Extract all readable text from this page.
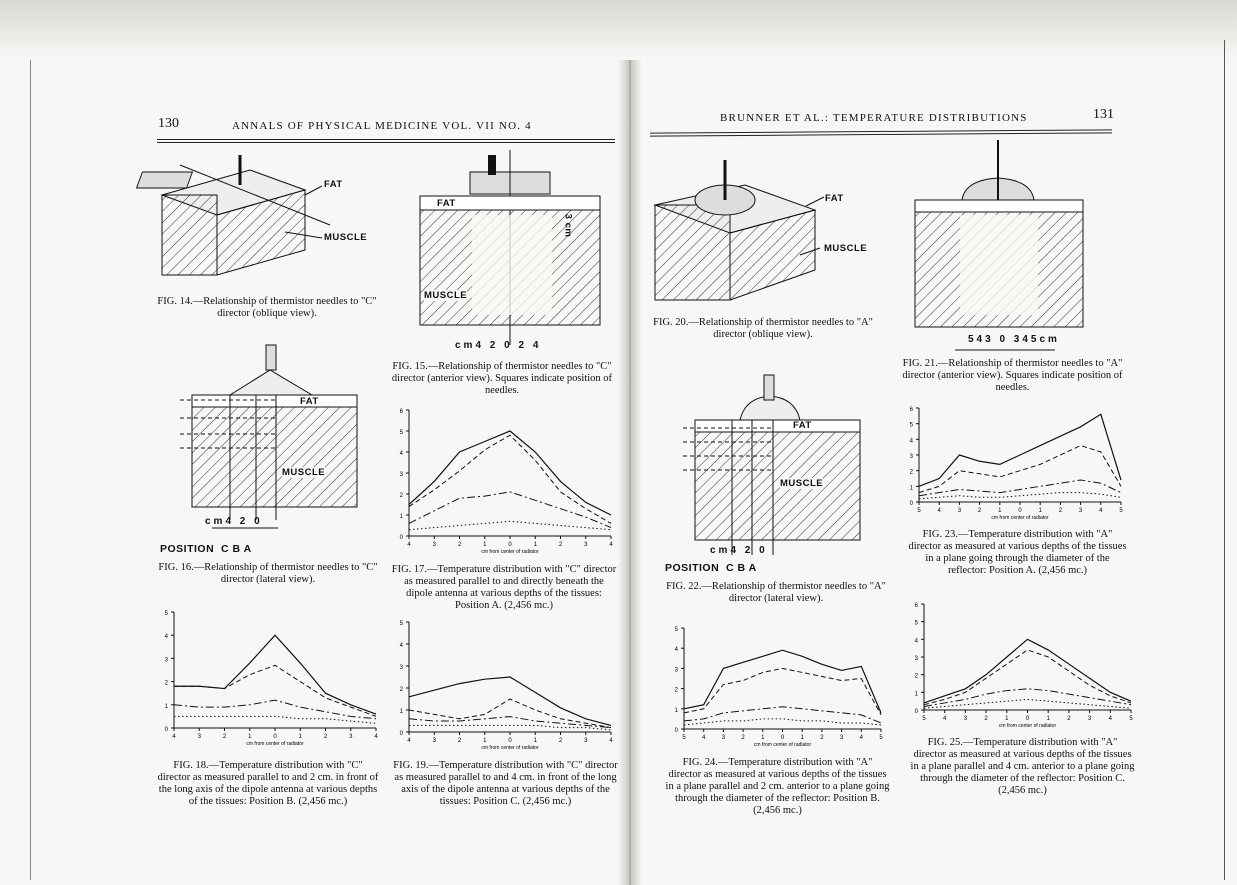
130	ANNALS OF PHYSICAL MEDICINE VOL. VII NO. 4
BRUNNER ET AL.: TEMPERATURE DISTRIBUTIONS	131
FAT
MUSCLE
FAT
MUSCLE
3 cm
cm4 2 0 2 4
FAT
MUSCLE
cm4 2 0
POSITION C B A
FAT
MUSCLE
543 0 345cm
FAT
MUSCLE
cm4 2 0
POSITION C B A
FIG. 14.—Relationship of thermistor needles to "C" director (oblique view).
FIG. 15.—Relationship of thermistor needles to "C" director (anterior view). Squares indicate position of needles.
FIG. 16.—Relationship of thermistor needles to "C" director (lateral view).
FIG. 17.—Temperature distribution with "C" director as measured parallel to and directly beneath the dipole antenna at various depths of the tissues: Position A. (2,456 mc.)
FIG. 18.—Temperature distribution with "C" director as measured parallel to and 2 cm. in front of the long axis of the dipole antenna at various depths of the tissues: Position B. (2,456 mc.)
FIG. 19.—Temperature distribution with "C" director as measured parallel to and 4 cm. in front of the long axis of the dipole antenna at various depths of the tissues: Position C. (2,456 mc.)
FIG. 20.—Relationship of thermistor needles to "A" director (oblique view).
FIG. 21.—Relationship of thermistor needles to "A" director (anterior view). Squares indicate position of needles.
FIG. 22.—Relationship of thermistor needles to "A" director (lateral view).
FIG. 23.—Temperature distribution with "A" director as measured at various depths of the tissues in a plane going through the diameter of the reflector: Position A. (2,456 mc.)
FIG. 24.—Temperature distribution with "A" director as measured at various depths of the tissues in a plane parallel and 2 cm. anterior to a plane going through the diameter of the reflector: Position B. (2,456 mc.)
FIG. 25.—Temperature distribution with "A" director as measured at various depths of the tissues in a plane parallel and 4 cm. anterior to a plane going through the diameter of the reflector: Position C. (2,456 mc.)
0
1
2
3
4
5
6
4	3	2	1	0	1	2	3	4
cm from center of radiator
0
1
2
3
4
5
4	3	2	1	0	1	2	3	4
cm from center of radiator
0
1
2
3
4
5
4	3	2	1	0	1	2	3	4
cm from center of radiator
0
1
2
3
4
5
6
5	4	3	2	1	0	1	2	3	4	5
cm from center of radiator
0
1
2
3
4
5
5	4	3	2	1	0	1	2	3	4	5
cm from center of radiator
0
1
2
3
4
5
6
5	4	3	2	1	0	1	2	3	4	5
cm from center of radiator
